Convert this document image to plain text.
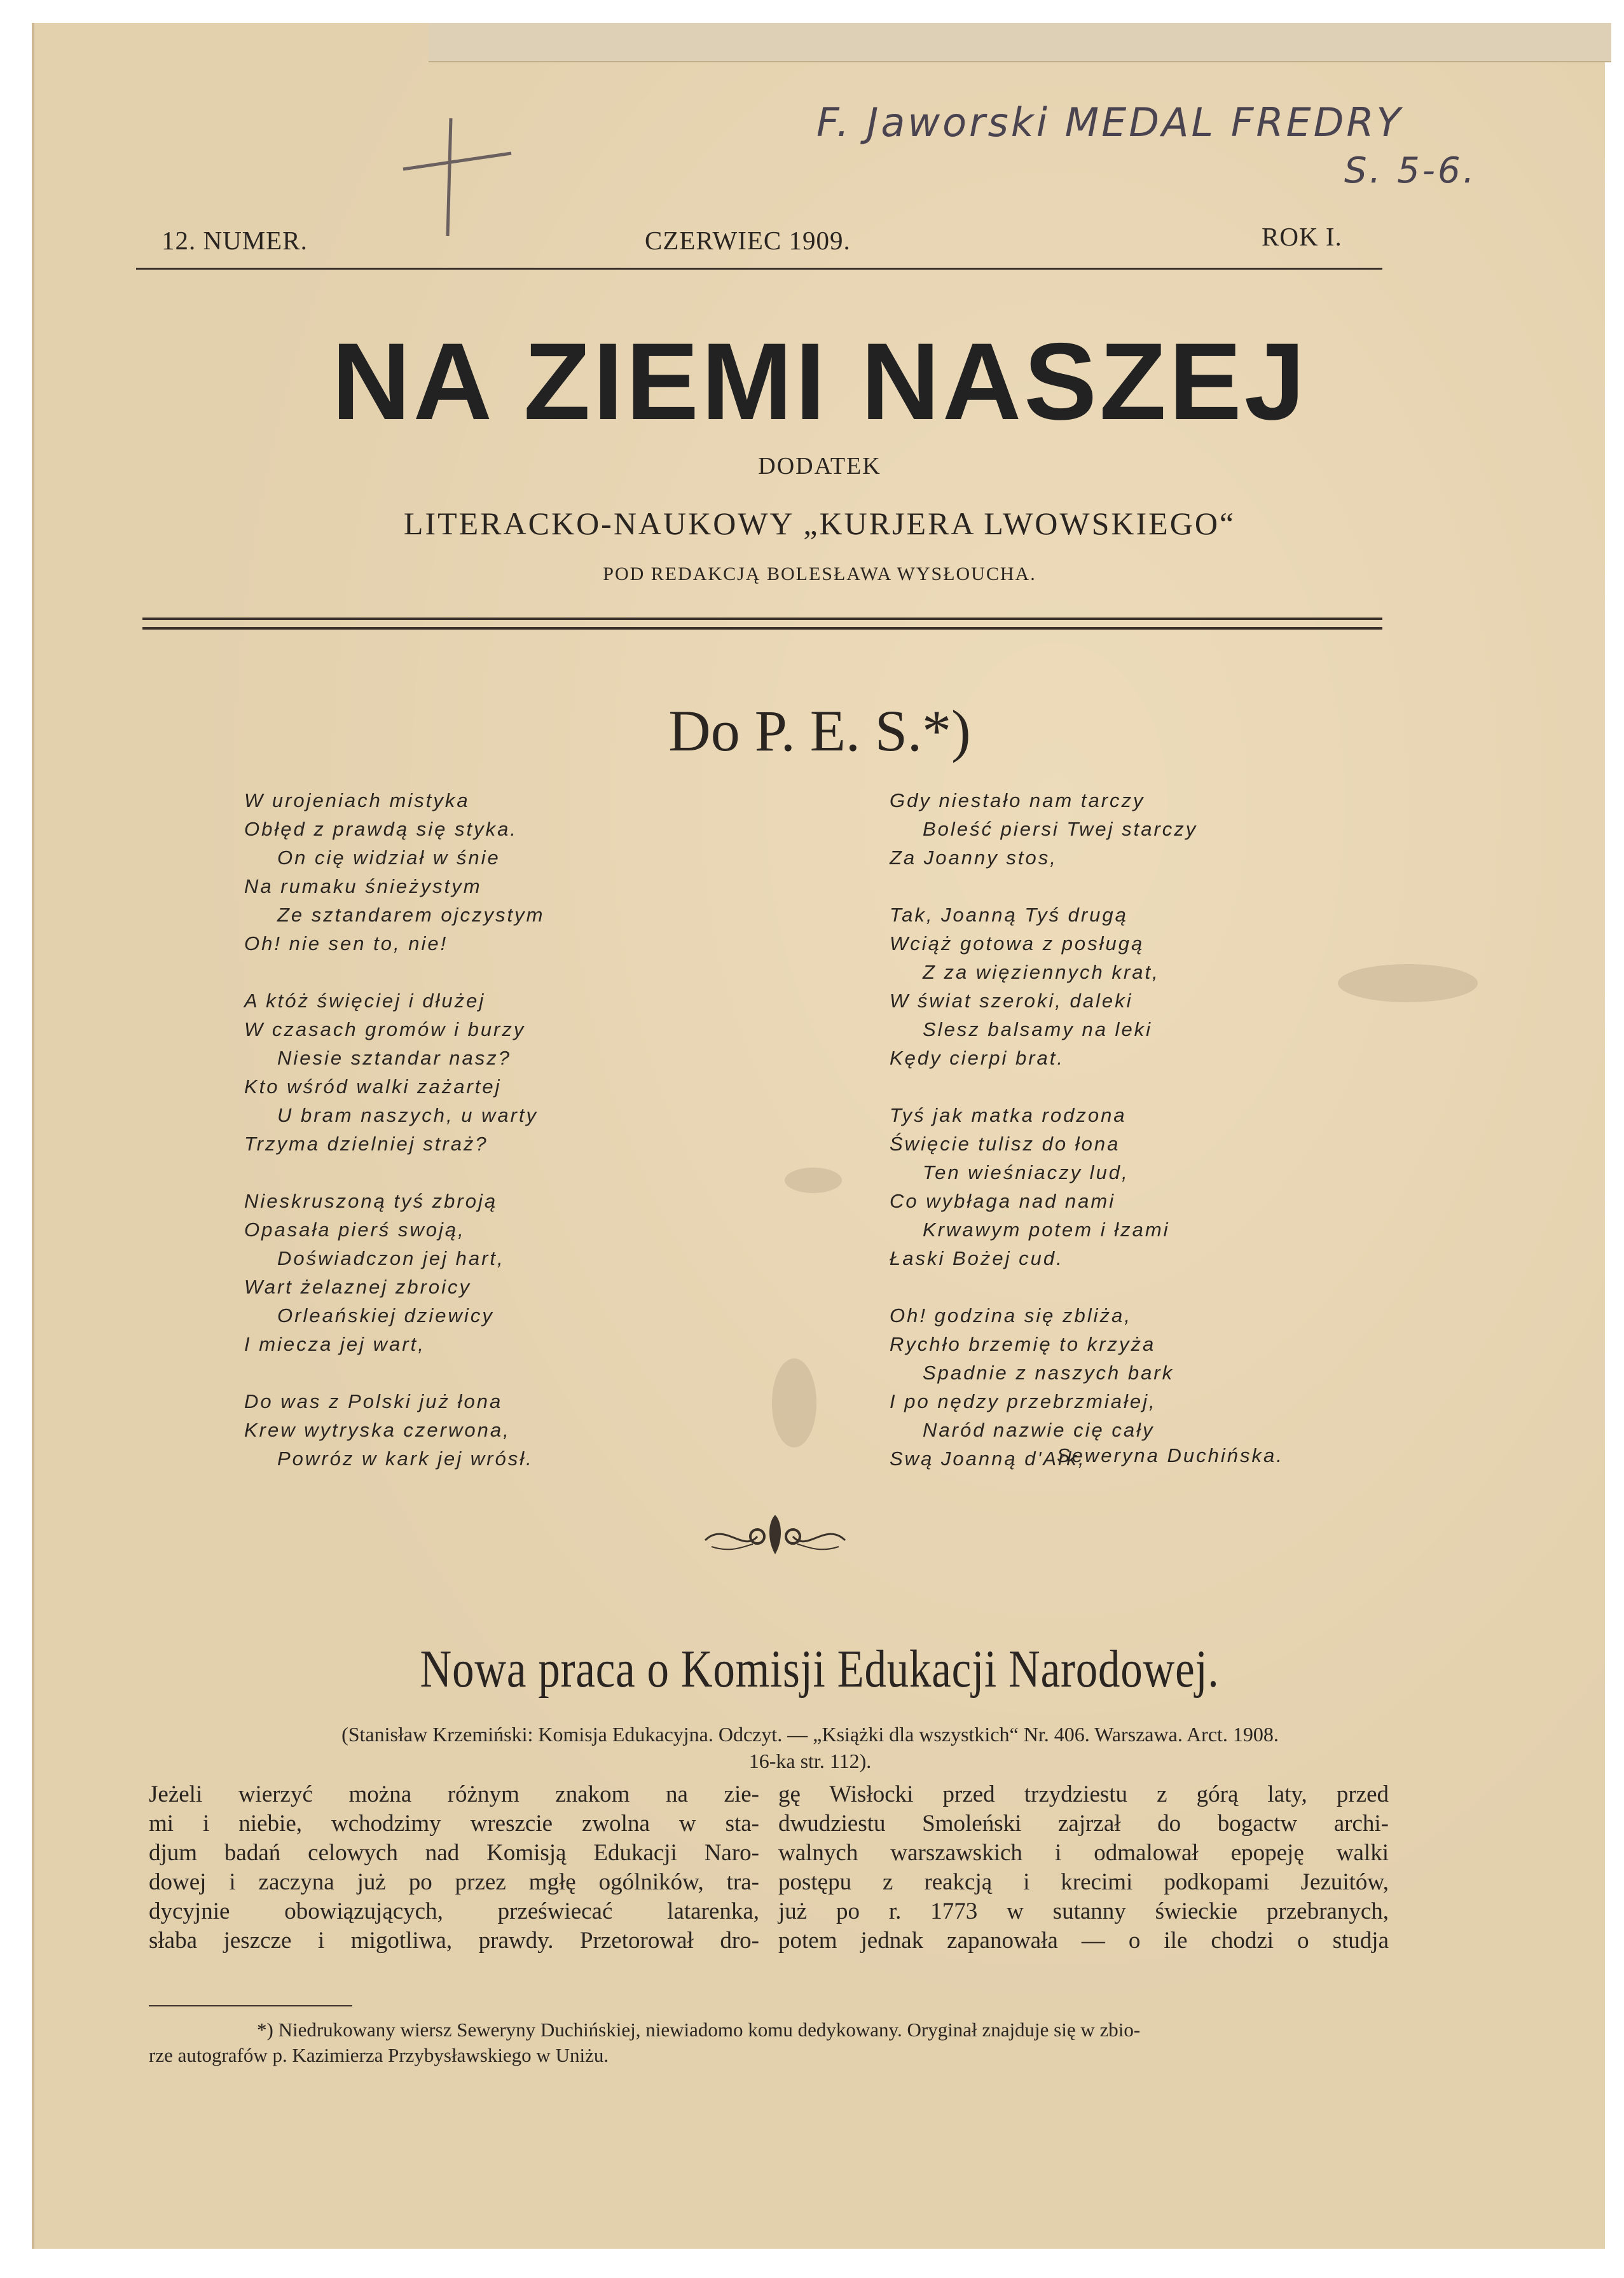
F. Jaworski MEDAL FREDRY
S. 5-6.
12. NUMER.	CZERWIEC 1909.	ROK I.
NA ZIEMI NASZEJ
DODATEK
LITERACKO-NAUKOWY „KURJERA LWOWSKIEGO“
POD REDAKCJĄ BOLESŁAWA WYSŁOUCHA.
Do P. E. S.*)
W urojeniach mistyka
Obłęd z prawdą się styka.
On cię widział w śnie
Na rumaku śnieżystym
Ze sztandarem ojczystym
Oh! nie sen to, nie!
A któż święciej i dłużej
W czasach gromów i burzy
Niesie sztandar nasz?
Kto wśród walki zażartej
U bram naszych, u warty
Trzyma dzielniej straż?
Nieskruszoną tyś zbroją
Opasała pierś swoją,
Doświadczon jej hart,
Wart żelaznej zbroicy
Orleańskiej dziewicy
I miecza jej wart,
Do was z Polski już łona
Krew wytryska czerwona,
Powróz w kark jej wrósł.
Gdy niestało nam tarczy
Boleść piersi Twej starczy
Za Joanny stos,
Tak, Joanną Tyś drugą
Wciąż gotowa z posługą
Z za więziennych krat,
W świat szeroki, daleki
Slesz balsamy na leki
Kędy cierpi brat.
Tyś jak matka rodzona
Święcie tulisz do łona
Ten wieśniaczy lud,
Co wybłaga nad nami
Krwawym potem i łzami
Łaski Bożej cud.
Oh! godzina się zbliża,
Rychło brzemię to krzyża
Spadnie z naszych bark
I po nędzy przebrzmiałej,
Naród nazwie cię cały
Swą Joanną d'Ark,
Seweryna Duchińska.
Nowa praca o Komisji Edukacji Narodowej.
(Stanisław Krzemiński: Komisja Edukacyjna. Odczyt. — „Książki dla wszystkich“ Nr. 406. Warszawa. Arct. 1908.
16-ka str. 112).
Jeżeli wierzyć można różnym znakom na zie-
mi i niebie, wchodzimy wreszcie zwolna w sta-
djum badań celowych nad Komisją Edukacji Naro-
dowej i zaczyna już po przez mgłę ogólników, tra-
dycyjnie obowiązujących, przeświecać latarenka,
słaba jeszcze i migotliwa, prawdy. Przetorował dro-
gę Wisłocki przed trzydziestu z górą laty, przed
dwudziestu Smoleński zajrzał do bogactw archi-
walnych warszawskich i odmalował epopeję walki
postępu z reakcją i krecimi podkopami Jezuitów,
już po r. 1773 w sutanny świeckie przebranych,
potem jednak zapanowała — o ile chodzi o studja
*) Niedrukowany wiersz Seweryny Duchińskiej, niewiadomo komu dedykowany. Oryginał znajduje się w zbio-
rze autografów p. Kazimierza Przybysławskiego w Uniżu.
